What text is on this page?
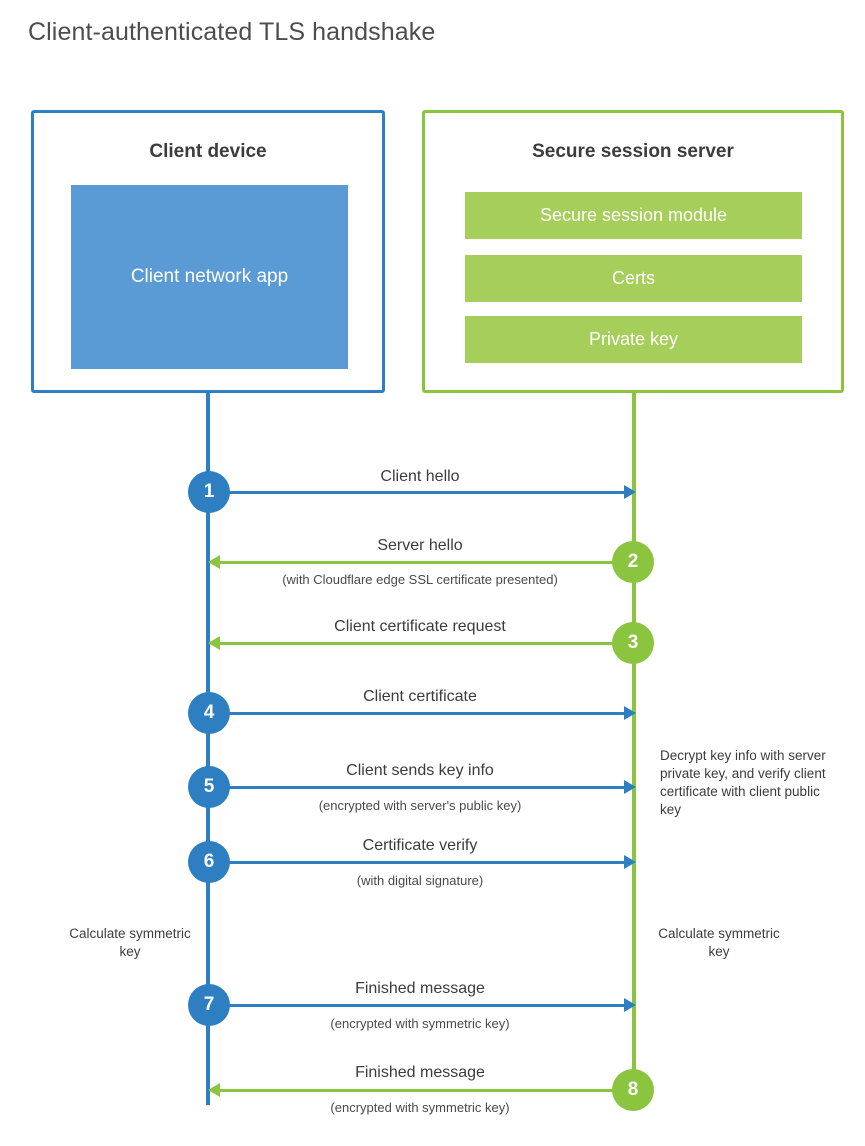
Client-authenticated TLS handshake
Client device
Client network app
Secure session server
Secure session module
Certs
Private key
Client hello
1
Server hello
(with Cloudflare edge SSL certificate presented)
2
Client certificate request
3
Client certificate
4
Client sends key info
(encrypted with server's public key)
5
Decrypt key info with server private key, and verify client certificate with client public key
Certificate verify
(with digital signature)
6
Calculate symmetric key
Calculate symmetric key
Finished message
(encrypted with symmetric key)
7
Finished message
(encrypted with symmetric key)
8
